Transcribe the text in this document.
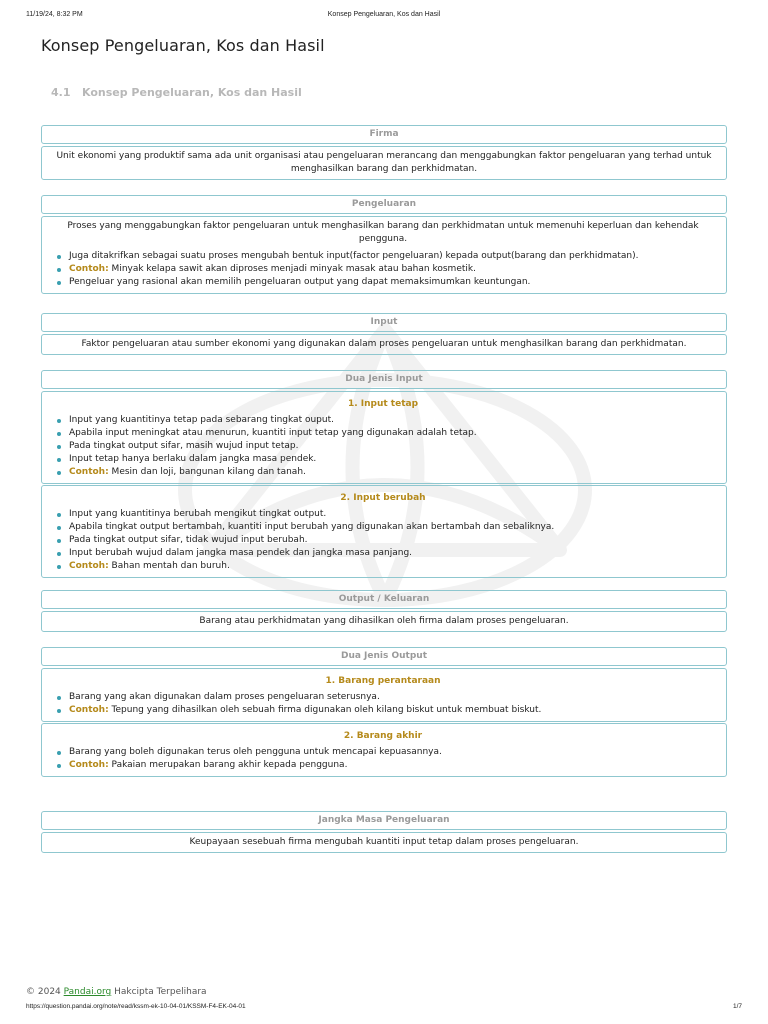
11/19/24, 8:32 PM	Konsep Pengeluaran, Kos dan Hasil
Konsep Pengeluaran, Kos dan Hasil
4.1 Konsep Pengeluaran, Kos dan Hasil
Firma
Unit ekonomi yang produktif sama ada unit organisasi atau pengeluaran merancang dan menggabungkan faktor pengeluaran yang terhad untuk menghasilkan barang dan perkhidmatan.
Pengeluaran
Proses yang menggabungkan faktor pengeluaran untuk menghasilkan barang dan perkhidmatan untuk memenuhi keperluan dan kehendak pengguna.
Juga ditakrifkan sebagai suatu proses mengubah bentuk input(factor pengeluaran) kepada output(barang dan perkhidmatan).
Contoh: Minyak kelapa sawit akan diproses menjadi minyak masak atau bahan kosmetik.
Pengeluar yang rasional akan memilih pengeluaran output yang dapat memaksimumkan keuntungan.
Input
Faktor pengeluaran atau sumber ekonomi yang digunakan dalam proses pengeluaran untuk menghasilkan barang dan perkhidmatan.
Dua Jenis Input
1. Input tetap
Input yang kuantitinya tetap pada sebarang tingkat ouput.
Apabila input meningkat atau menurun, kuantiti input tetap yang digunakan adalah tetap.
Pada tingkat output sifar, masih wujud input tetap.
Input tetap hanya berlaku dalam jangka masa pendek.
Contoh: Mesin dan loji, bangunan kilang dan tanah.
2. Input berubah
Input yang kuantitinya berubah mengikut tingkat output.
Apabila tingkat output bertambah, kuantiti input berubah yang digunakan akan bertambah dan sebaliknya.
Pada tingkat output sifar, tidak wujud input berubah.
Input berubah wujud dalam jangka masa pendek dan jangka masa panjang.
Contoh: Bahan mentah dan buruh.
Output / Keluaran
Barang atau perkhidmatan yang dihasilkan oleh firma dalam proses pengeluaran.
Dua Jenis Output
1. Barang perantaraan
Barang yang akan digunakan dalam proses pengeluaran seterusnya.
Contoh: Tepung yang dihasilkan oleh sebuah firma digunakan oleh kilang biskut untuk membuat biskut.
2. Barang akhir
Barang yang boleh digunakan terus oleh pengguna untuk mencapai kepuasannya.
Contoh: Pakaian merupakan barang akhir kepada pengguna.
Jangka Masa Pengeluaran
Keupayaan sesebuah firma mengubah kuantiti input tetap dalam proses pengeluaran.
© 2024 Pandai.org Hakcipta Terpelihara
https://question.pandai.org/note/read/kssm-ek-10-04-01/KSSM-F4-EK-04-01	1/7
